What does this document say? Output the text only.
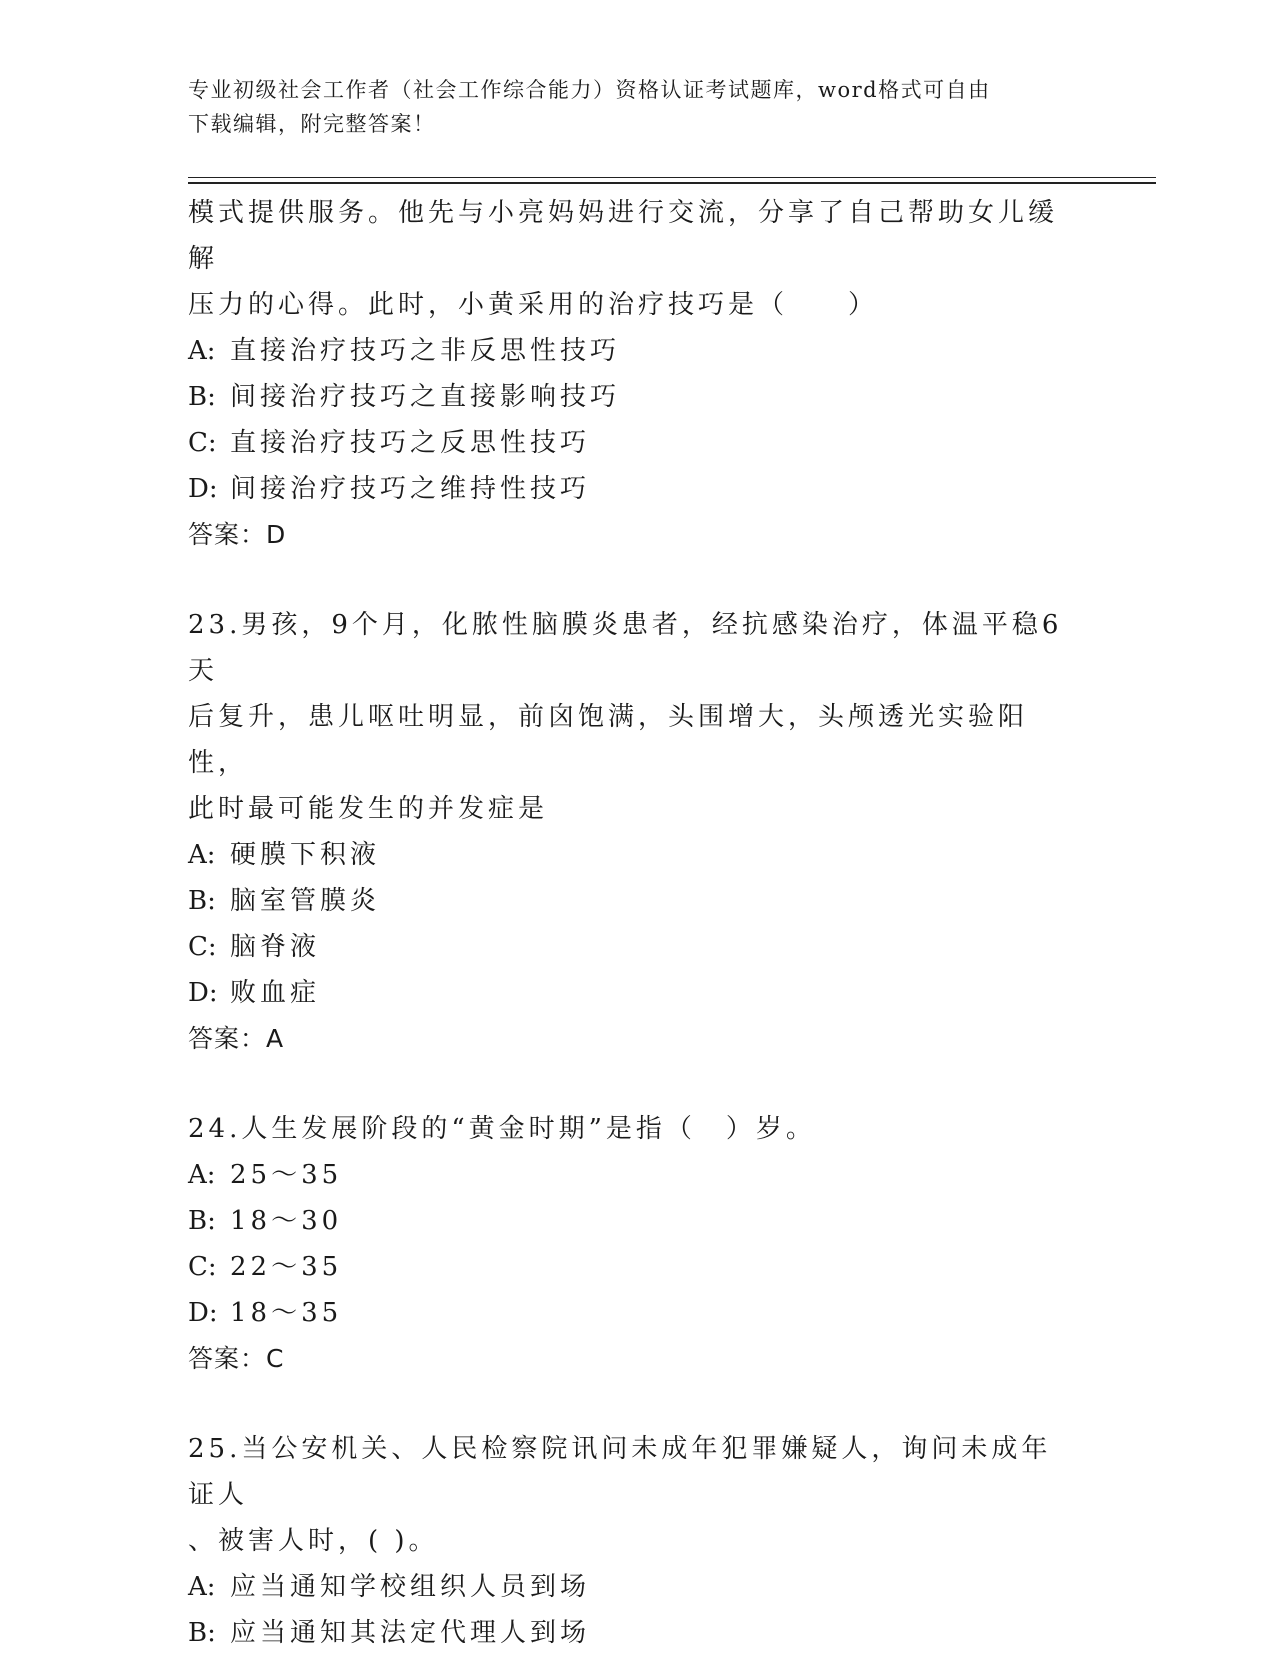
专业初级社会工作者（社会工作综合能力）资格认证考试题库，word格式可自由
下载编辑，附完整答案！
模式提供服务。他先与小亮妈妈进行交流，分享了自己帮助女儿缓解
压力的心得。此时，小黄采用的治疗技巧是（　　）
A: 直接治疗技巧之非反思性技巧
B: 间接治疗技巧之直接影响技巧
C: 直接治疗技巧之反思性技巧
D: 间接治疗技巧之维持性技巧
答案：D
23.男孩，9个月，化脓性脑膜炎患者，经抗感染治疗，体温平稳6天
后复升，患儿呕吐明显，前囟饱满，头围增大，头颅透光实验阳性，
此时最可能发生的并发症是
A: 硬膜下积液
B: 脑室管膜炎
C: 脑脊液
D: 败血症
答案：A
24.人生发展阶段的“黄金时期”是指（　）岁。
A: 25～35
B: 18～30
C: 22～35
D: 18～35
答案：C
25.当公安机关、人民检察院讯问未成年犯罪嫌疑人，询问未成年证人
、被害人时，( )。
A: 应当通知学校组织人员到场
B: 应当通知其法定代理人到场
